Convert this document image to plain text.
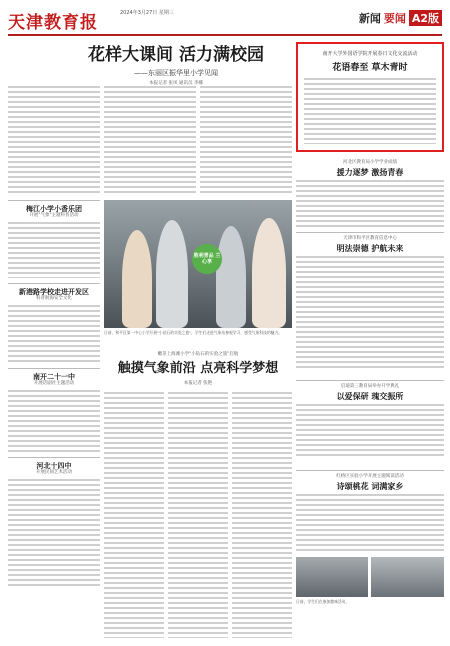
天津教育报	2024年3月27日 星期三	新闻 要闻 A2版
花样大课间 活力满校园
——东丽区振华里小学见闻
本报记者 张凤 通讯员 李娜
梅江小学小香乐团
开展"气象"主题科普活动
新港路学校走进开发区
科普航海安全文化
南开二十一中
开展话剧社主题活动
河北十四中
开展民间艺术活动
胜利青品 兰心享
日前，和平区第一中心小学开展"小钻石的实验之旅"，学生们走进气象站参观学习，感受气象科技的魅力。
嫩芽上海滩小学"小钻石的实验之旅"启航
触摸气象前沿 点亮科学梦想
本报记者 张艳
南开大学外国语学院开展春日文化交流活动
花语春至 草木青时
河北区教育局小学学业成绩
援力逐梦 激扬青春
天津市和平区教育信息中心
明法崇德 护航未来
启迪第三教育局举办开学典礼
以爱保研 瑰交振所
红桥区实验小学开展主题阅读活动
诗颂桃花 词满家乡
日前，学生们在参加趣味活动。
